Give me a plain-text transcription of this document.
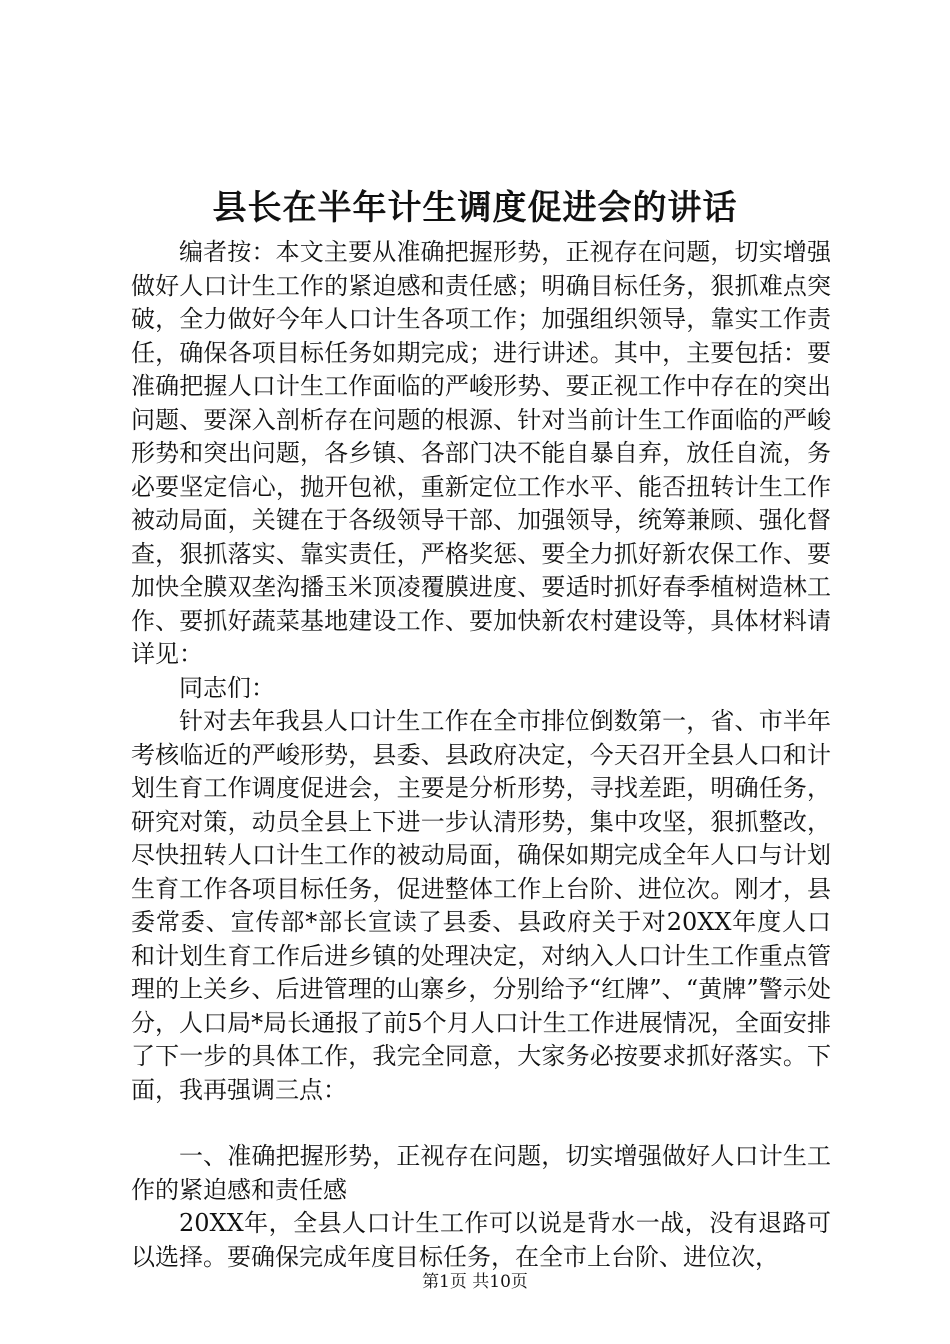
县长在半年计生调度促进会的讲话

编者按：本文主要从准确把握形势，正视存在问题，切实增强做好人口计生工作的紧迫感和责任感；明确目标任务，狠抓难点突破，全力做好今年人口计生各项工作；加强组织领导，靠实工作责任，确保各项目标任务如期完成；进行讲述。其中，主要包括：要准确把握人口计生工作面临的严峻形势、要正视工作中存在的突出问题、要深入剖析存在问题的根源、针对当前计生工作面临的严峻形势和突出问题，各乡镇、各部门决不能自暴自弃，放任自流，务必要坚定信心，抛开包袱，重新定位工作水平、能否扭转计生工作被动局面，关键在于各级领导干部、加强领导，统筹兼顾、强化督查，狠抓落实、靠实责任，严格奖惩、要全力抓好新农保工作、要加快全膜双垄沟播玉米顶凌覆膜进度、要适时抓好春季植树造林工作、要抓好蔬菜基地建设工作、要加快新农村建设等，具体材料请详见：

同志们：

针对去年我县人口计生工作在全市排位倒数第一，省、市半年考核临近的严峻形势，县委、县政府决定，今天召开全县人口和计划生育工作调度促进会，主要是分析形势，寻找差距，明确任务，研究对策，动员全县上下进一步认清形势，集中攻坚，狠抓整改，尽快扭转人口计生工作的被动局面，确保如期完成全年人口与计划生育工作各项目标任务，促进整体工作上台阶、进位次。刚才，县委常委、宣传部*部长宣读了县委、县政府关于对20XX年度人口和计划生育工作后进乡镇的处理决定，对纳入人口计生工作重点管理的上关乡、后进管理的山寨乡，分别给予“红牌”、“黄牌”警示处分，人口局*局长通报了前5个月人口计生工作进展情况，全面安排了下一步的具体工作，我完全同意，大家务必按要求抓好落实。下面，我再强调三点：

一、准确把握形势，正视存在问题，切实增强做好人口计生工作的紧迫感和责任感

20XX年，全县人口计生工作可以说是背水一战，没有退路可以选择。要确保完成年度目标任务，在全市上台阶、进位次，

第1页 共10页
